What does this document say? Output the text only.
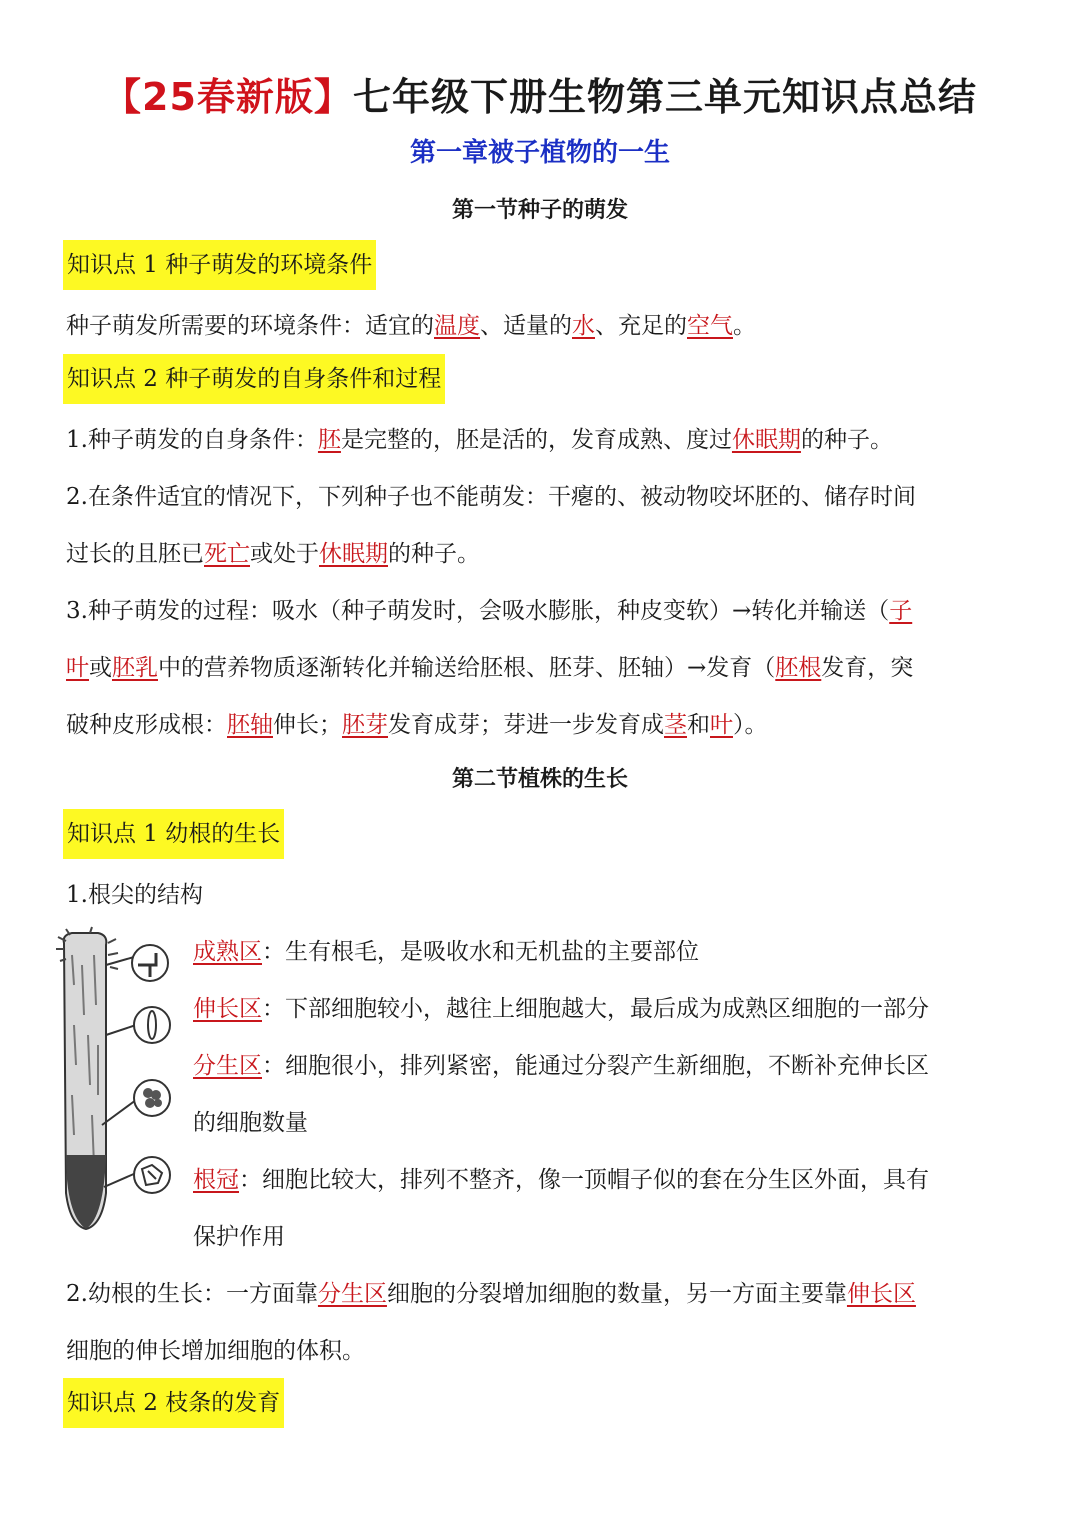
【25春新版】七年级下册生物第三单元知识点总结
第一章被子植物的一生
第一节种子的萌发
知识点 1 种子萌发的环境条件
种子萌发所需要的环境条件：适宜的温度、适量的水、充足的空气。
知识点 2 种子萌发的自身条件和过程
1.种子萌发的自身条件：胚是完整的，胚是活的，发育成熟、度过休眠期的种子。
2.在条件适宜的情况下，下列种子也不能萌发：干瘪的、被动物咬坏胚的、储存时间
过长的且胚已死亡或处于休眠期的种子。
3.种子萌发的过程：吸水（种子萌发时，会吸水膨胀，种皮变软）→转化并输送（子
叶或胚乳中的营养物质逐渐转化并输送给胚根、胚芽、胚轴）→发育（胚根发育，突
破种皮形成根：胚轴伸长；胚芽发育成芽；芽进一步发育成茎和叶）。
第二节植株的生长
知识点 1 幼根的生长
1.根尖的结构
成熟区：生有根毛，是吸收水和无机盐的主要部位
伸长区：下部细胞较小，越往上细胞越大，最后成为成熟区细胞的一部分
分生区：细胞很小，排列紧密，能通过分裂产生新细胞，不断补充伸长区
的细胞数量
根冠：细胞比较大，排列不整齐，像一顶帽子似的套在分生区外面，具有
保护作用
2.幼根的生长：一方面靠分生区细胞的分裂增加细胞的数量，另一方面主要靠伸长区
细胞的伸长增加细胞的体积。
知识点 2 枝条的发育
